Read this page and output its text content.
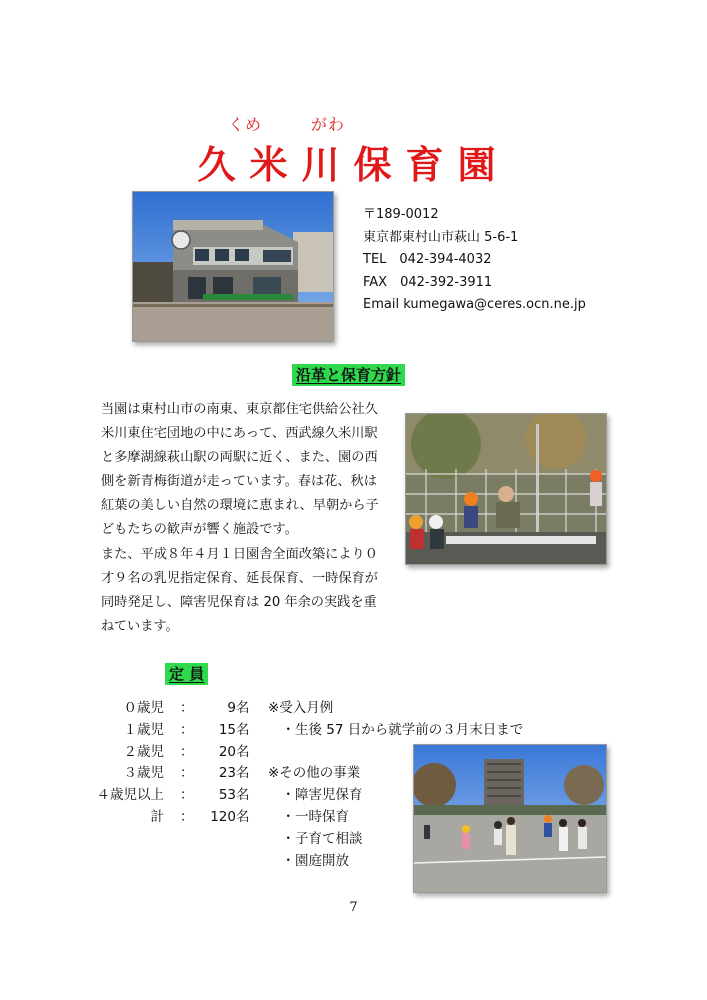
くめ	がわ
久米川保育園
〒189-0012
東京都東村山市萩山 5-6-1
TEL　042-394-4032
FAX　042-392-3911
Email kumegawa@ceres.ocn.ne.jp
沿革と保育方針

当園は東村山市の南東、東京都住宅供給公社久

米川東住宅団地の中にあって、西武線久米川駅

と多摩湖線萩山駅の両駅に近く、また、園の西

側を新青梅街道が走っています。春は花、秋は

紅葉の美しい自然の環境に恵まれ、早朝から子

どもたちの歓声が響く施設です。

また、平成８年４月１日園舎全面改築により０

才９名の乳児指定保育、延長保育、一時保育が

同時発足し、障害児保育は 20 年余の実践を重

ねています。

定 員
０歳児 ：	9 名
１歳児 ：	15 名
２歳児 ：	20 名
３歳児 ：	23 名
４歳児以上 ：	53 名
計 ：	120 名
※受入月例
　・生後 57 日から就学前の３月末日まで
※その他の事業
　・障害児保育
　・一時保育
　・子育て相談
　・園庭開放
7
